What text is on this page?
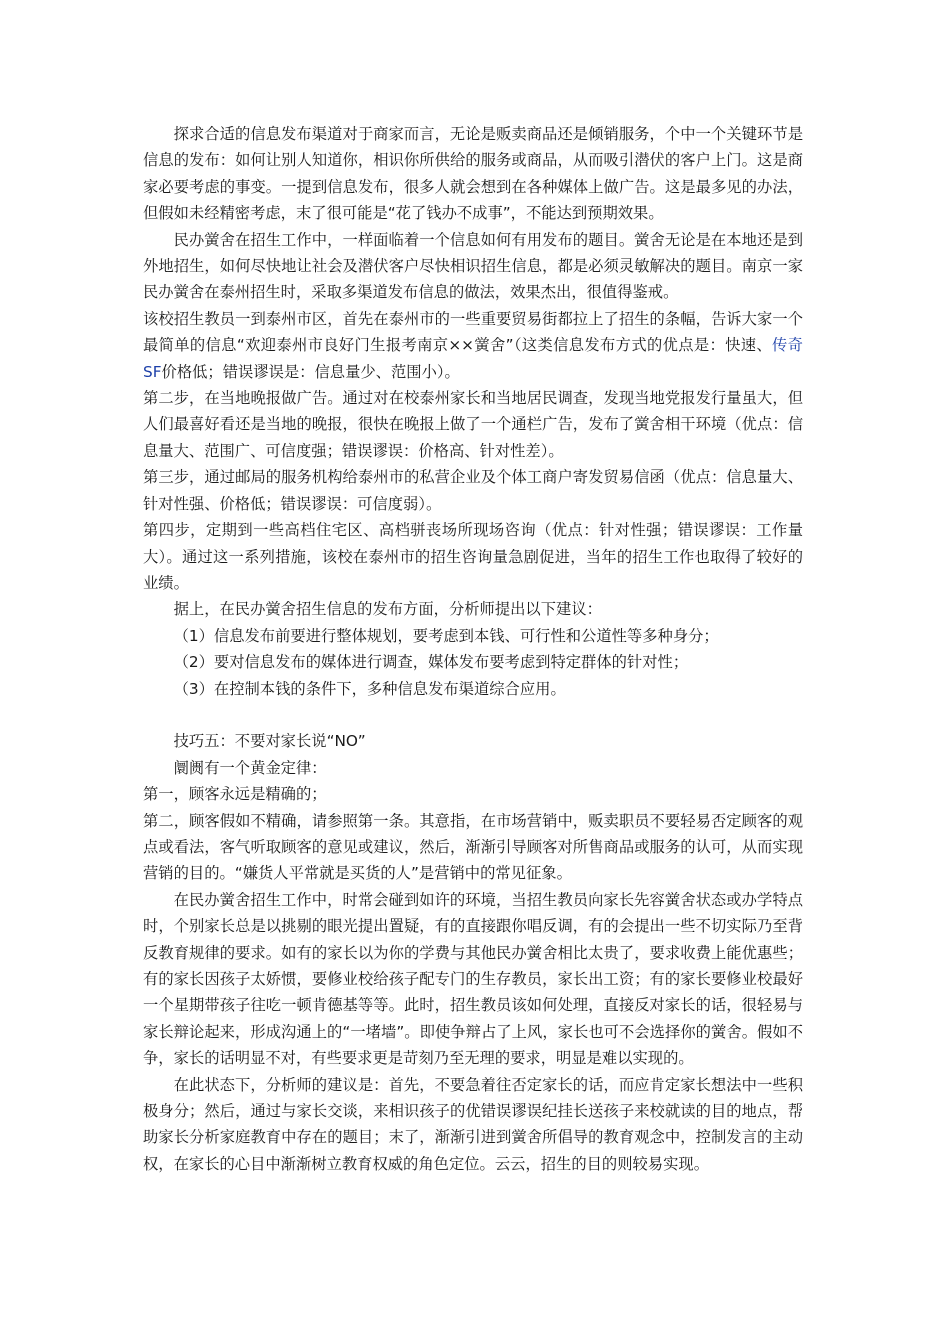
探求合适的信息发布渠道对于商家而言，无论是贩卖商品还是倾销服务，个中一个关键环节是信息的发布：如何让别人知道你，相识你所供给的服务或商品，从而吸引潜伏的客户上门。这是商家必要考虑的事变。一提到信息发布，很多人就会想到在各种媒体上做广告。这是最多见的办法，但假如未经精密考虑，末了很可能是“花了钱办不成事”，不能达到预期效果。

民办黉舍在招生工作中，一样面临着一个信息如何有用发布的题目。黉舍无论是在本地还是到外地招生，如何尽快地让社会及潜伏客户尽快相识招生信息，都是必须灵敏解决的题目。南京一家民办黉舍在泰州招生时，采取多渠道发布信息的做法，效果杰出，很值得鉴戒。

该校招生教员一到泰州市区，首先在泰州市的一些重要贸易街都拉上了招生的条幅，告诉大家一个最简单的信息“欢迎泰州市良好门生报考南京××黉舍”（这类信息发布方式的优点是：快速、传奇 SF价格低；错误谬误是：信息量少、范围小）。

第二步，在当地晚报做广告。通过对在校泰州家长和当地居民调查，发现当地党报发行量虽大，但人们最喜好看还是当地的晚报，很快在晚报上做了一个通栏广告，发布了黉舍相干环境（优点：信息量大、范围广、可信度强；错误谬误：价格高、针对性差）。

第三步，通过邮局的服务机构给泰州市的私营企业及个体工商户寄发贸易信函（优点：信息量大、针对性强、价格低；错误谬误：可信度弱）。

第四步，定期到一些高档住宅区、高档骈丧场所现场咨询（优点：针对性强；错误谬误：工作量大）。通过这一系列措施，该校在泰州市的招生咨询量急剧促进，当年的招生工作也取得了较好的业绩。

据上，在民办黉舍招生信息的发布方面，分析师提出以下建议：

（1）信息发布前要进行整体规划，要考虑到本钱、可行性和公道性等多种身分；

（2）要对信息发布的媒体进行调查，媒体发布要考虑到特定群体的针对性；

（3）在控制本钱的条件下，多种信息发布渠道综合应用。

技巧五：不要对家长说“NO”

阛阓有一个黄金定律：

第一，顾客永远是精确的；

第二，顾客假如不精确，请参照第一条。其意指，在市场营销中，贩卖职员不要轻易否定顾客的观点或看法，客气听取顾客的意见或建议，然后，渐渐引导顾客对所售商品或服务的认可，从而实现营销的目的。“嫌货人平常就是买货的人”是营销中的常见征象。

在民办黉舍招生工作中，时常会碰到如许的环境，当招生教员向家长先容黉舍状态或办学特点时，个别家长总是以挑剔的眼光提出置疑，有的直接跟你唱反调，有的会提出一些不切实际乃至背反教育规律的要求。如有的家长以为你的学费与其他民办黉舍相比太贵了，要求收费上能优惠些；有的家长因孩子太娇惯，要修业校给孩子配专门的生存教员，家长出工资；有的家长要修业校最好一个星期带孩子往吃一顿肯德基等等。此时，招生教员该如何处理，直接反对家长的话，很轻易与家长辩论起来，形成沟通上的“一堵墙”。即使争辩占了上风，家长也可不会选择你的黉舍。假如不争，家长的话明显不对，有些要求更是苛刻乃至无理的要求，明显是难以实现的。

在此状态下，分析师的建议是：首先，不要急着往否定家长的话，而应肯定家长想法中一些积极身分；然后，通过与家长交谈，来相识孩子的优错误谬误纪挂长送孩子来校就读的目的地点，帮助家长分析家庭教育中存在的题目；末了，渐渐引进到黉舍所倡导的教育观念中，控制发言的主动权，在家长的心目中渐渐树立教育权威的角色定位。云云，招生的目的则较易实现。
